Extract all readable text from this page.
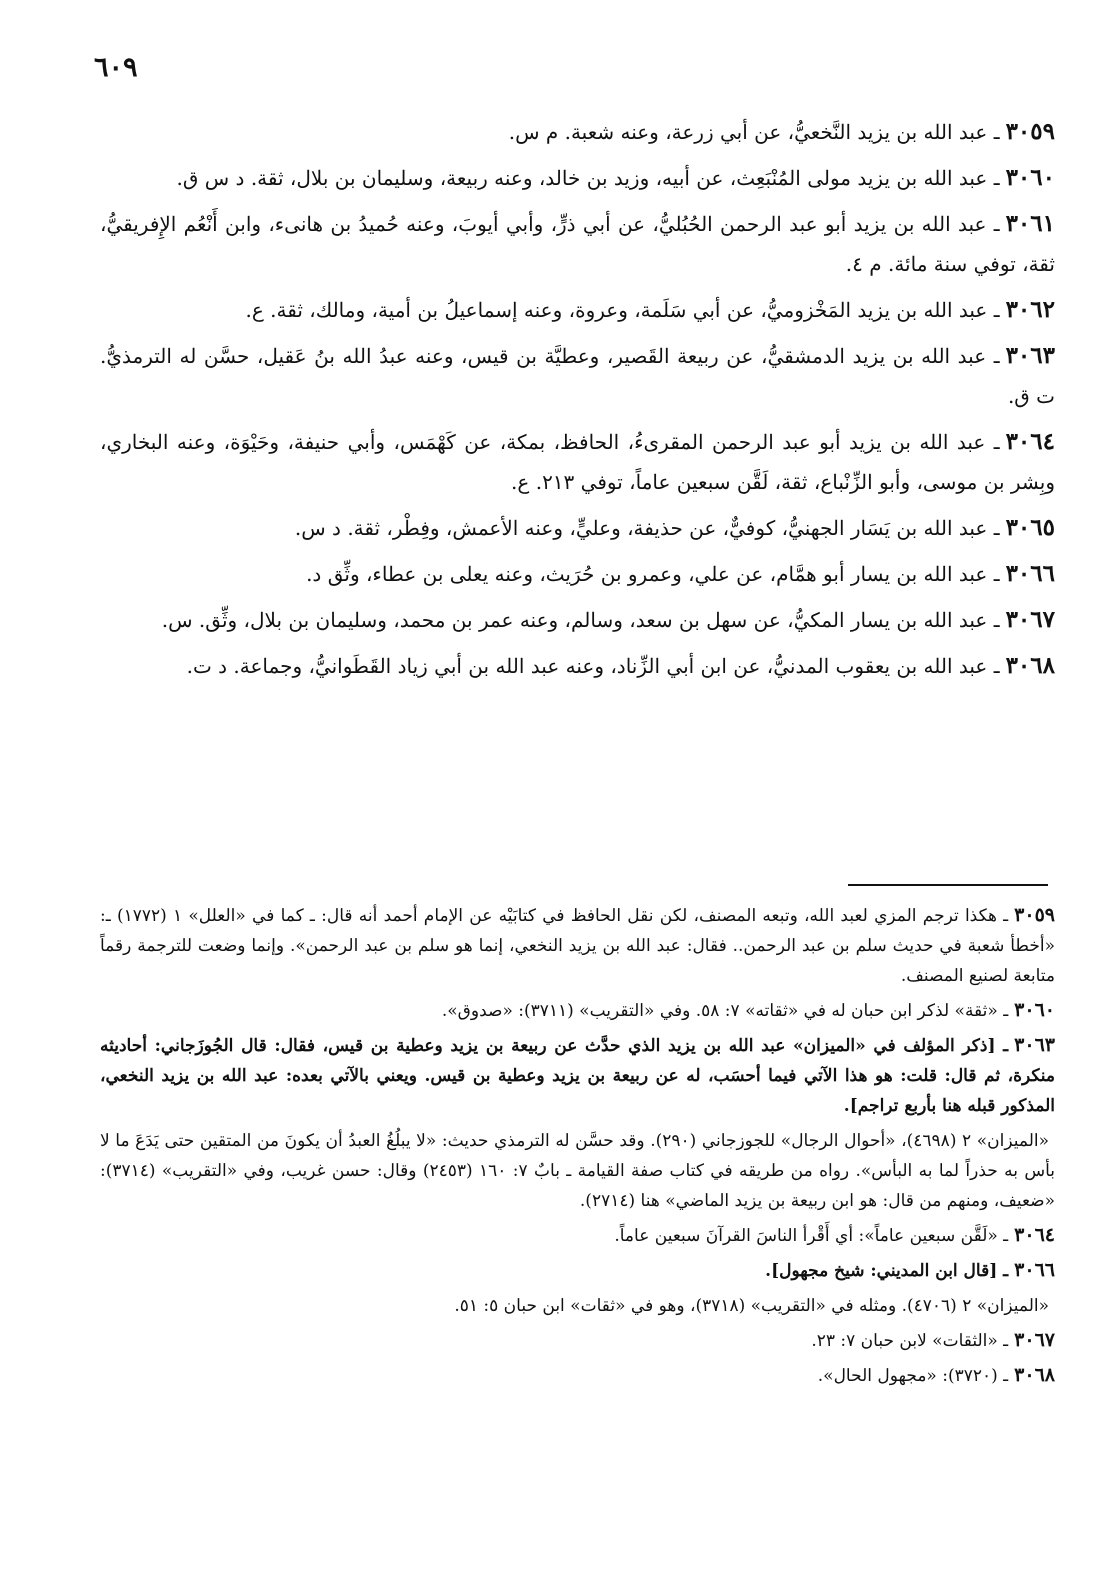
٦٠٩

٣٠٥٩ـ عبد الله بن يزيد النَّخعيُّ، عن أبي زرعة، وعنه شعبة. م س.

٣٠٦٠ـ عبد الله بن يزيد مولى المُنْبَعِث، عن أبيه، وزيد بن خالد، وعنه ربيعة، وسليمان بن بلال، ثقة. د س ق.

٣٠٦١ـ عبد الله بن يزيد أبو عبد الرحمن الحُبُليُّ، عن أبي ذرٍّ، وأبي أيوبَ، وعنه حُميدُ بن هانىء، وابن أَنْعُم الإِفريقيُّ، ثقة، توفي سنة مائة. م ٤.

٣٠٦٢ـ عبد الله بن يزيد المَخْزوميُّ، عن أبي سَلَمة، وعروة، وعنه إسماعيلُ بن أمية، ومالك، ثقة. ع.

٣٠٦٣ـ عبد الله بن يزيد الدمشقيُّ، عن ربيعة القَصير، وعطيَّة بن قيس، وعنه عبدُ الله بنُ عَقيل، حسَّن له الترمذيُّ. ت ق.

٣٠٦٤ـ عبد الله بن يزيد أبو عبد الرحمن المقرىءُ، الحافظ، بمكة، عن كَهْمَس، وأبي حنيفة، وحَيْوَة، وعنه البخاري، وبِشر بن موسى، وأبو الزِّنْباع، ثقة، لَقَّن سبعين عاماً، توفي ٢١٣. ع.

٣٠٦٥ـ عبد الله بن يَسَار الجهنيُّ، كوفيٌّ، عن حذيفة، وعليٍّ، وعنه الأعمش، وفِطْر، ثقة. د س.

٣٠٦٦ـ عبد الله بن يسار أبو همَّام، عن علي، وعمرو بن حُرَيث، وعنه يعلى بن عطاء، وثِّق د.

٣٠٦٧ـ عبد الله بن يسار المكيُّ، عن سهل بن سعد، وسالم، وعنه عمر بن محمد، وسليمان بن بلال، وثِّق. س.

٣٠٦٨ـ عبد الله بن يعقوب المدنيُّ، عن ابن أبي الزِّناد، وعنه عبد الله بن أبي زياد القَطَوانيُّ، وجماعة. د ت.

٣٠٥٩ـ هكذا ترجم المزي لعبد الله، وتبعه المصنف، لكن نقل الحافظ في كتابَيْه عن الإمام أحمد أنه قال: ـ كما في «العلل» ١ (١٧٧٢) ـ: «أخطأ شعبة في حديث سلم بن عبد الرحمن.. فقال: عبد الله بن يزيد النخعي، إنما هو سلم بن عبد الرحمن». وإنما وضعت للترجمة رقماً متابعة لصنيع المصنف.

٣٠٦٠ـ «ثقة» لذكر ابن حبان له في «ثقاته» ٧: ٥٨. وفي «التقريب» (٣٧١١): «صدوق».

٣٠٦٣ـ [ذكر المؤلف في «الميزان» عبد الله بن يزيد الذي حدَّث عن ربيعة بن يزيد وعطية بن قيس، فقال: قال الجُوزَجاني: أحاديثه منكرة، ثم قال: قلت: هو هذا الآتي فيما أحسَب، له عن ربيعة بن يزيد وعطية بن قيس. ويعني بالآتي بعده: عبد الله بن يزيد النخعي، المذكور قبله هنا بأربع تراجم].

«الميزان» ٢ (٤٦٩٨)، «أحوال الرجال» للجوزجاني (٢٩٠). وقد حسَّن له الترمذي حديث: «لا يبلُغُ العبدُ أن يكونَ من المتقين حتى يَدَعَ ما لا بأس به حذراً لما به البأس». رواه من طريقه في كتاب صفة القيامة ـ بابٌ ٧: ١٦٠ (٢٤٥٣) وقال: حسن غريب، وفي «التقريب» (٣٧١٤): «ضعيف، ومنهم من قال: هو ابن ربيعة بن يزيد الماضي» هنا (٢٧١٤).

٣٠٦٤ـ «لَقَّن سبعين عاماً»: أي أَقْرأ الناسَ القرآنَ سبعين عاماً.

٣٠٦٦ـ [قال ابن المديني: شيخ مجهول].

«الميزان» ٢ (٤٧٠٦). ومثله في «التقريب» (٣٧١٨)، وهو في «ثقات» ابن حبان ٥: ٥١.

٣٠٦٧ـ «الثقات» لابن حبان ٧: ٢٣.

٣٠٦٨ـ (٣٧٢٠): «مجهول الحال».
